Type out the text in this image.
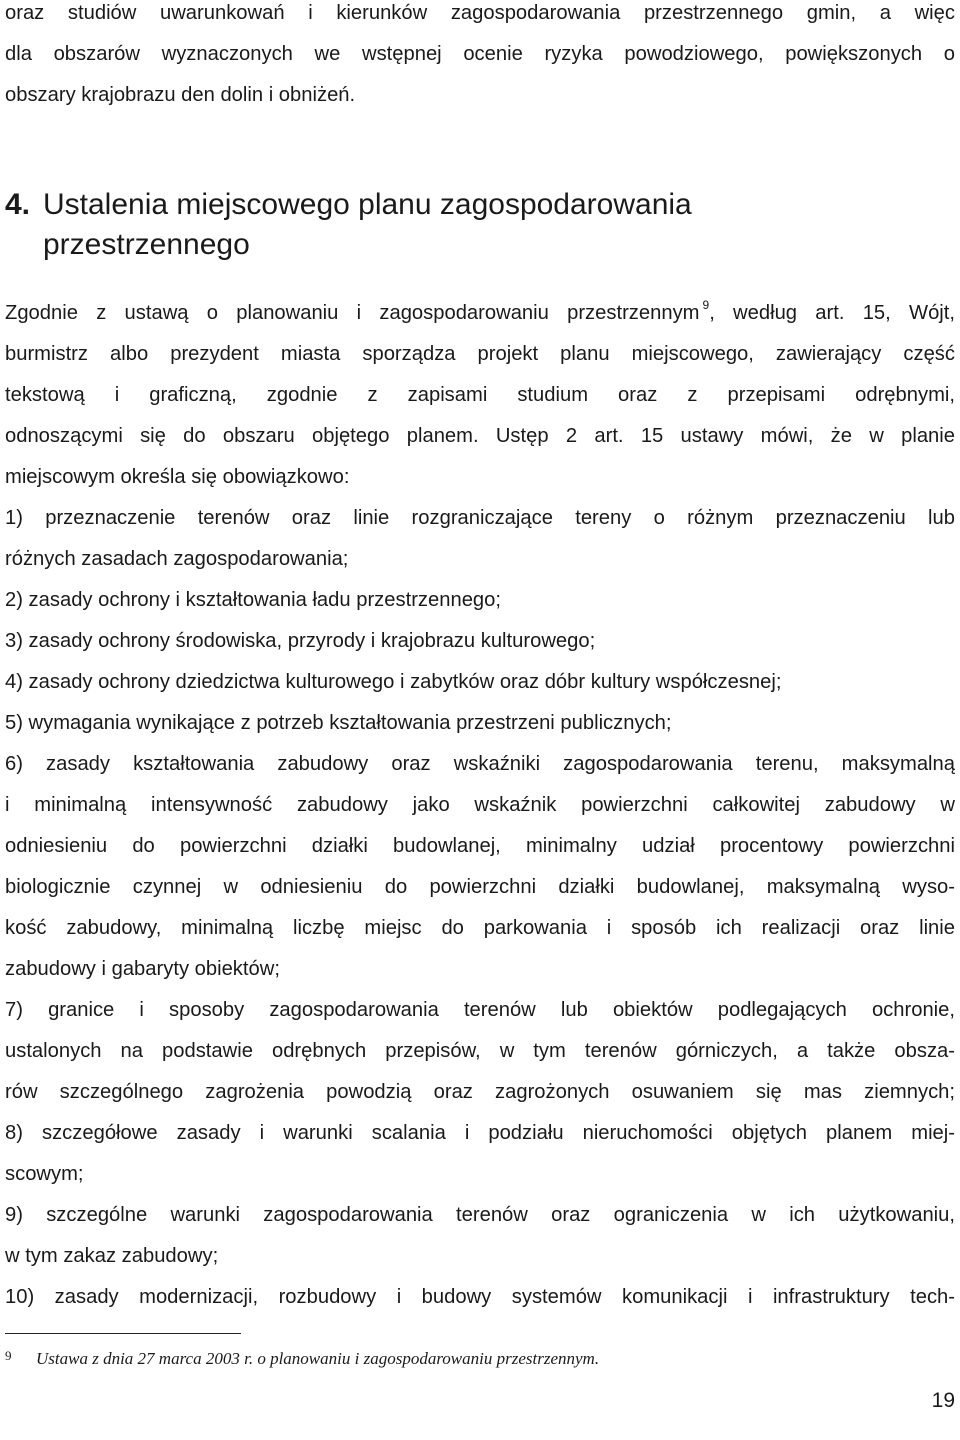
oraz studiów uwarunkowań i kierunków zagospodarowania przestrzennego gmin, a więc
dla obszarów wyznaczonych we wstępnej ocenie ryzyka powodziowego, powiększonych o
obszary krajobrazu den dolin i obniżeń.
4. Ustalenia miejscowego planu zagospodarowania
przestrzennego
Zgodnie z ustawą o planowaniu i zagospodarowaniu przestrzennym $^9$, według art. 15, Wójt,
burmistrz albo prezydent miasta sporządza projekt planu miejscowego, zawierający część
tekstową i graficzną, zgodnie z zapisami studium oraz z przepisami odrębnymi,
odnoszącymi się do obszaru objętego planem. Ustęp 2 art. 15 ustawy mówi, że w planie
miejscowym określa się obowiązkowo:
1) przeznaczenie terenów oraz linie rozgraniczające tereny o różnym przeznaczeniu lub
różnych zasadach zagospodarowania;
2) zasady ochrony i kształtowania ładu przestrzennego;
3) zasady ochrony środowiska, przyrody i krajobrazu kulturowego;
4) zasady ochrony dziedzictwa kulturowego i zabytków oraz dóbr kultury współczesnej;
5) wymagania wynikające z potrzeb kształtowania przestrzeni publicznych;
6) zasady kształtowania zabudowy oraz wskaźniki zagospodarowania terenu, maksymalną
i minimalną intensywność zabudowy jako wskaźnik powierzchni całkowitej zabudowy w
odniesieniu do powierzchni działki budowlanej, minimalny udział procentowy powierzchni
biologicznie czynnej w odniesieniu do powierzchni działki budowlanej, maksymalną wyso-
kość zabudowy, minimalną liczbę miejsc do parkowania i sposób ich realizacji oraz linie
zabudowy i gabaryty obiektów;
7) granice i sposoby zagospodarowania terenów lub obiektów podlegających ochronie,
ustalonych na podstawie odrębnych przepisów, w tym terenów górniczych, a także obsza-
rów szczególnego zagrożenia powodzią oraz zagrożonych osuwaniem się mas ziemnych;
8) szczegółowe zasady i warunki scalania i podziału nieruchomości objętych planem miej-
scowym;
9) szczególne warunki zagospodarowania terenów oraz ograniczenia w ich użytkowaniu,
w tym zakaz zabudowy;
10) zasady modernizacji, rozbudowy i budowy systemów komunikacji i infrastruktury tech-
9 Ustawa z dnia 27 marca 2003 r. o planowaniu i zagospodarowaniu przestrzennym.
19
